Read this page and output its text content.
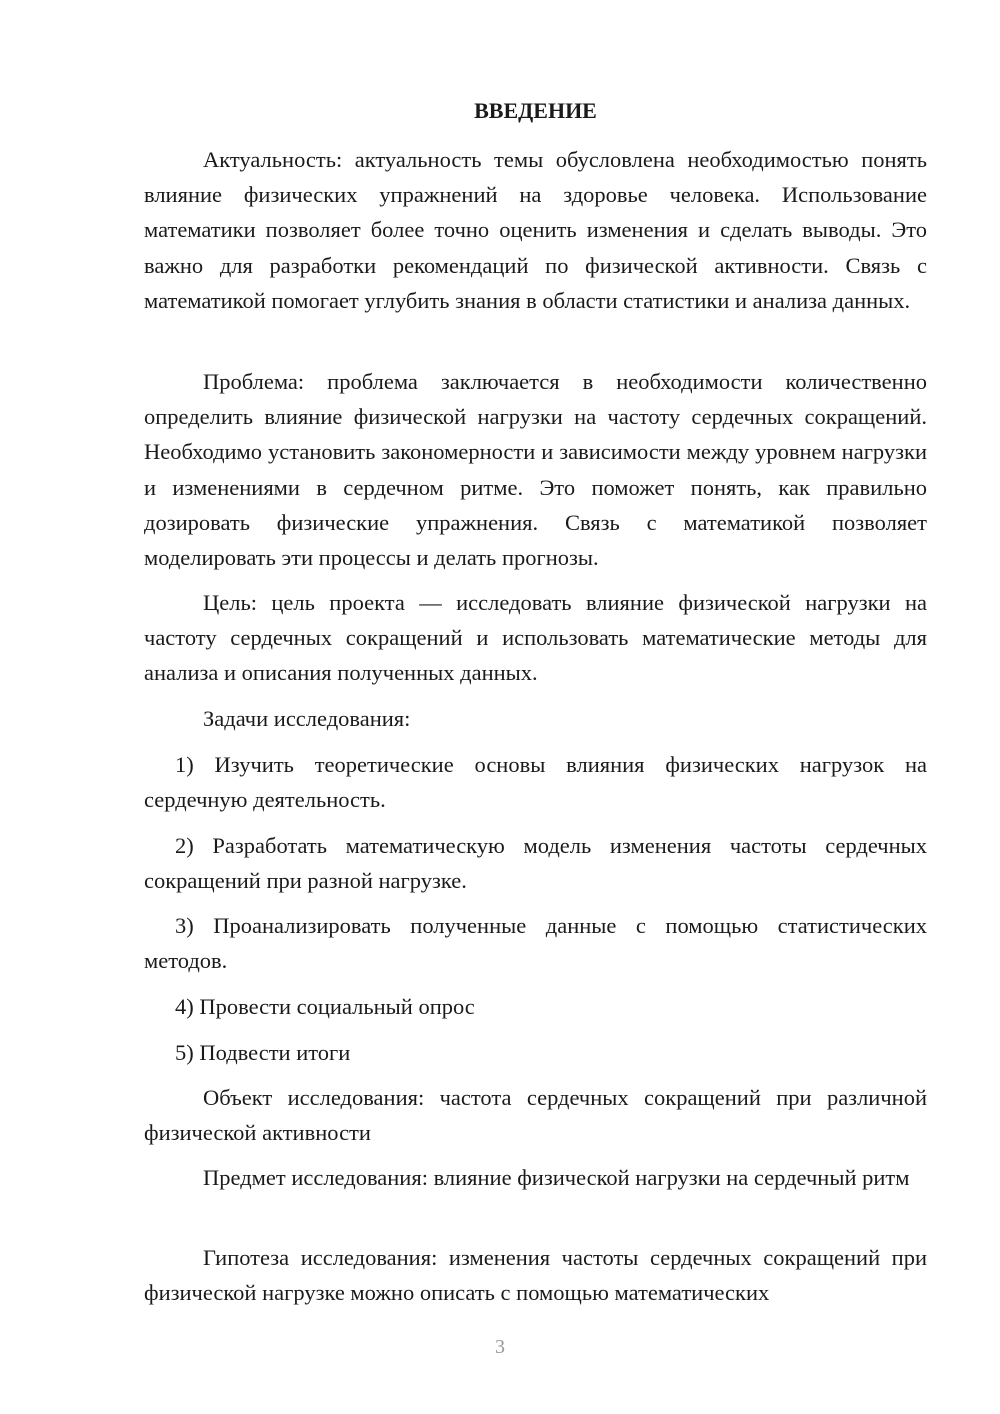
ВВЕДЕНИЕ

Актуальность: актуальность темы обусловлена необходимостью понять влияние физических упражнений на здоровье человека. Использование математики позволяет более точно оценить изменения и сделать выводы. Это важно для разработки рекомендаций по физической активности. Связь с математикой помогает углубить знания в области статистики и анализа данных.

Проблема: проблема заключается в необходимости количественно определить влияние физической нагрузки на частоту сердечных сокращений. Необходимо установить закономерности и зависимости между уровнем нагрузки и изменениями в сердечном ритме. Это поможет понять, как правильно дозировать физические упражнения. Связь с математикой позволяет моделировать эти процессы и делать прогнозы.

Цель: цель проекта — исследовать влияние физической нагрузки на частоту сердечных сокращений и использовать математические методы для анализа и описания полученных данных.

Задачи исследования:

1) Изучить теоретические основы влияния физических нагрузок на сердечную деятельность.

2) Разработать математическую модель изменения частоты сердечных сокращений при разной нагрузке.

3) Проанализировать полученные данные с помощью статистических методов.

4) Провести социальный опрос

5) Подвести итоги

Объект исследования: частота сердечных сокращений при различной физической активности

Предмет исследования: влияние физической нагрузки на сердечный ритм

Гипотеза исследования: изменения частоты сердечных сокращений при физической нагрузке можно описать с помощью математических

3
